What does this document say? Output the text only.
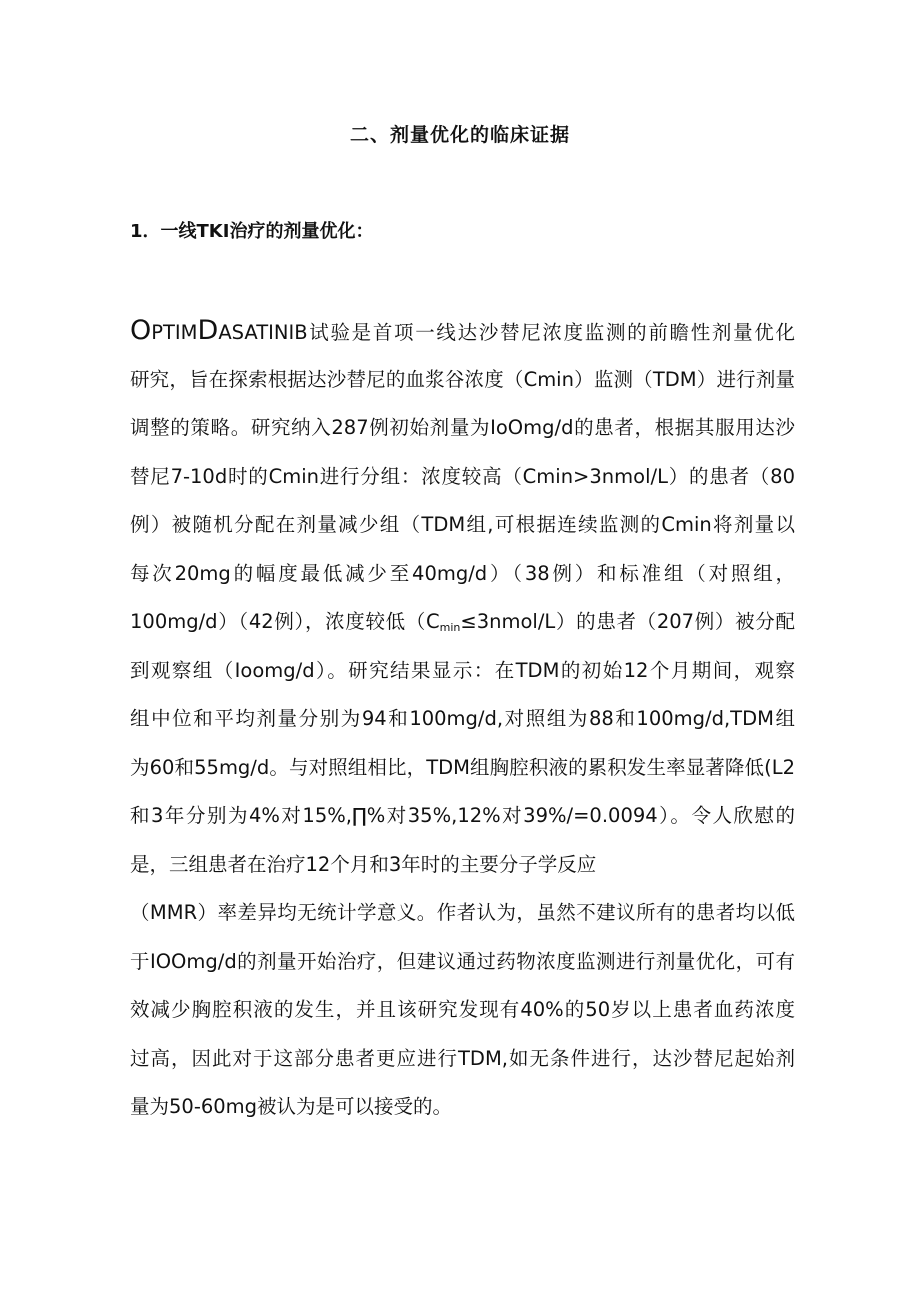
二、剂量优化的临床证据
1．一线TKI治疗的剂量优化：
OPTIMDASATINIB试验是首项一线达沙替尼浓度监测的前瞻性剂量优化
研究，旨在探索根据达沙替尼的血浆谷浓度（Cmin）监测（TDM）进行剂量
调整的策略。研究纳入287例初始剂量为IoOmg/d的患者，根据其服用达沙
替尼7-10d时的Cmin进行分组：浓度较高（Cmin>3nmol/L）的患者（80
例）被随机分配在剂量减少组（TDM组,可根据连续监测的Cmin将剂量以
每次20mg的幅度最低减少至40mg/d）（38例）和标准组（对照组，
100mg/d）（42例），浓度较低$(C_{min}\le 3nmol/L)$的患者（207例）被分配
到观察组（Ioomg/d）。研究结果显示：在TDM的初始12个月期间，观察
组中位和平均剂量分别为94和100mg/d,对照组为88和100mg/d,TDM组
为60和55mg∕d。与对照组相比，TDM组胸腔积液的累积发生率显著降低(L2
和3年分别为4%对15%,∏%对35%,12%对39%/=0.0094）。令人欣慰的
是，三组患者在治疗12个月和3年时的主要分子学反应
（MMR）率差异均无统计学意义。作者认为，虽然不建议所有的患者均以低
于IOOmg/d的剂量开始治疗，但建议通过药物浓度监测进行剂量优化，可有
效减少胸腔积液的发生，并且该研究发现有40%的50岁以上患者血药浓度
过高，因此对于这部分患者更应进行TDM,如无条件进行，达沙替尼起始剂
量为50-60mg被认为是可以接受的。
